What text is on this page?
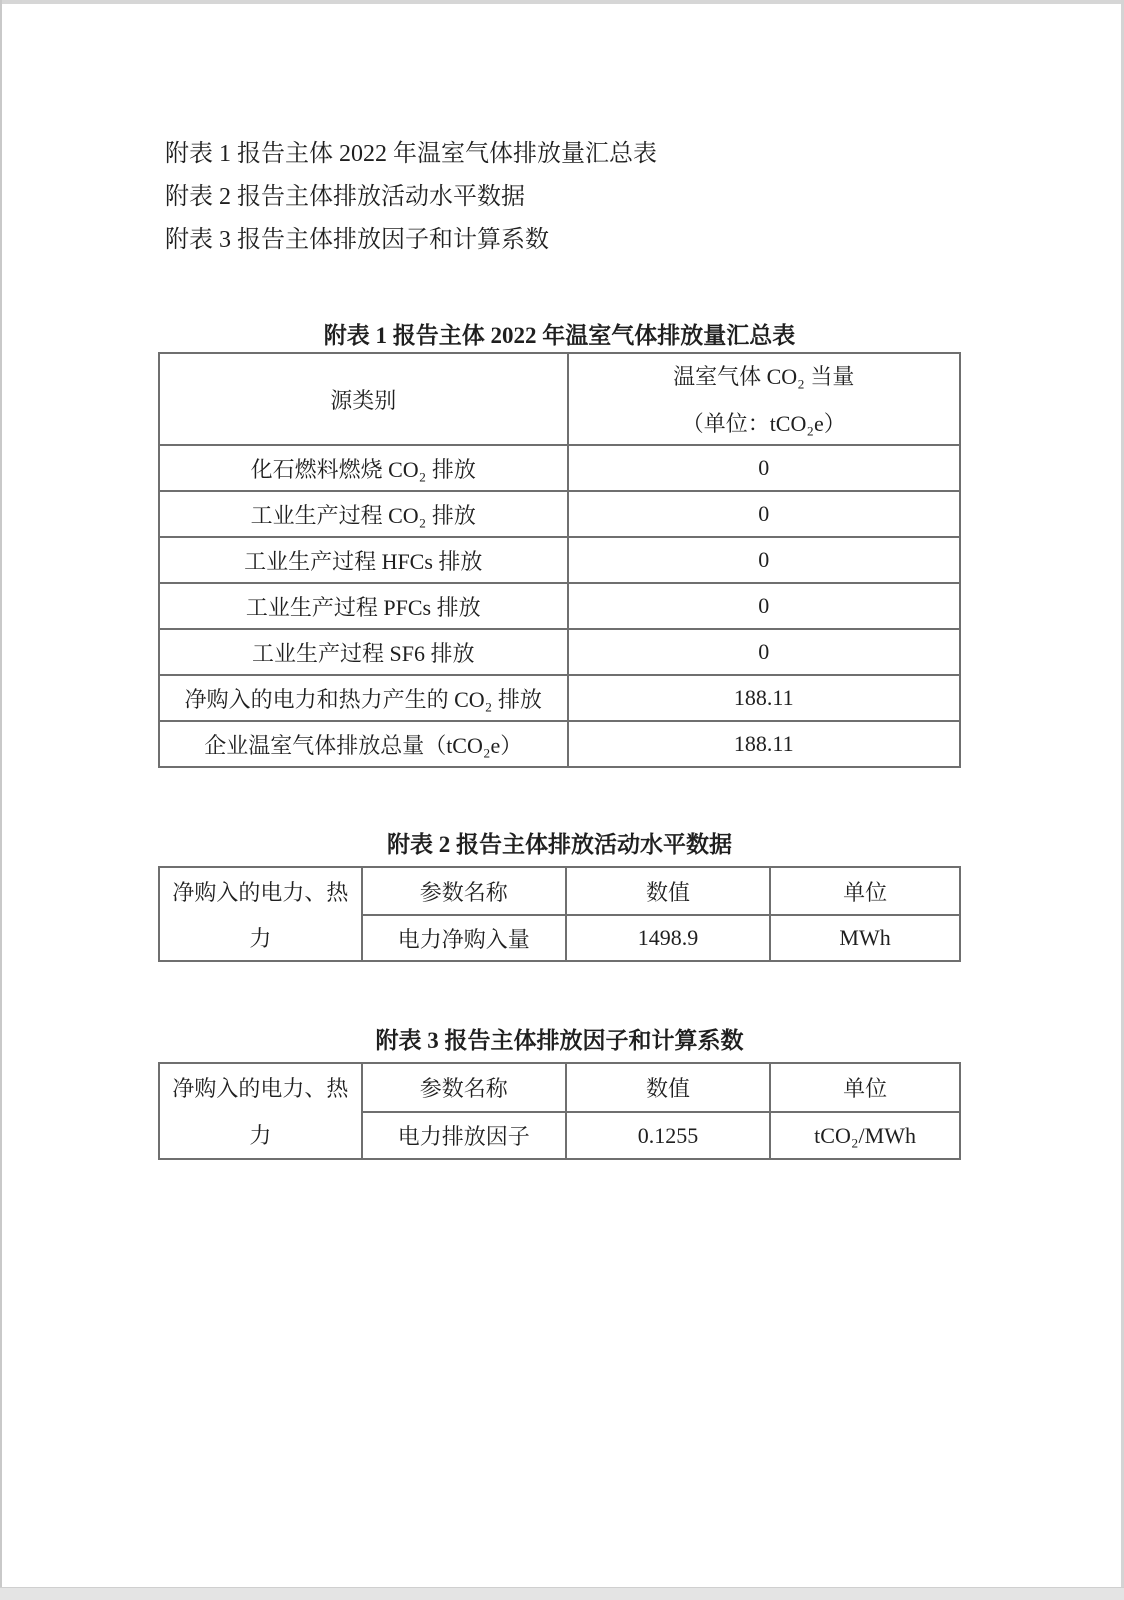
附表 1 报告主体 2022 年温室气体排放量汇总表
附表 2 报告主体排放活动水平数据
附表 3 报告主体排放因子和计算系数
附表 1 报告主体 2022 年温室气体排放量汇总表
源类别	温室气体 CO₂ 当量
（单位：tCO₂e）

化石燃料燃烧 CO₂ 排放	0
工业生产过程 CO₂ 排放	0
工业生产过程 HFCs 排放	0
工业生产过程 PFCs 排放	0
工业生产过程 SF6 排放	0
净购入的电力和热力产生的 CO₂ 排放	188.11
企业温室气体排放总量（tCO₂e）	188.11
附表 2 报告主体排放活动水平数据
净购入的电力、热
力	参数名称	数值	单位
	电力净购入量	1498.9	MWh
附表 3 报告主体排放因子和计算系数
净购入的电力、热
力	参数名称	数值	单位
	电力排放因子	0.1255	tCO₂/MWh
